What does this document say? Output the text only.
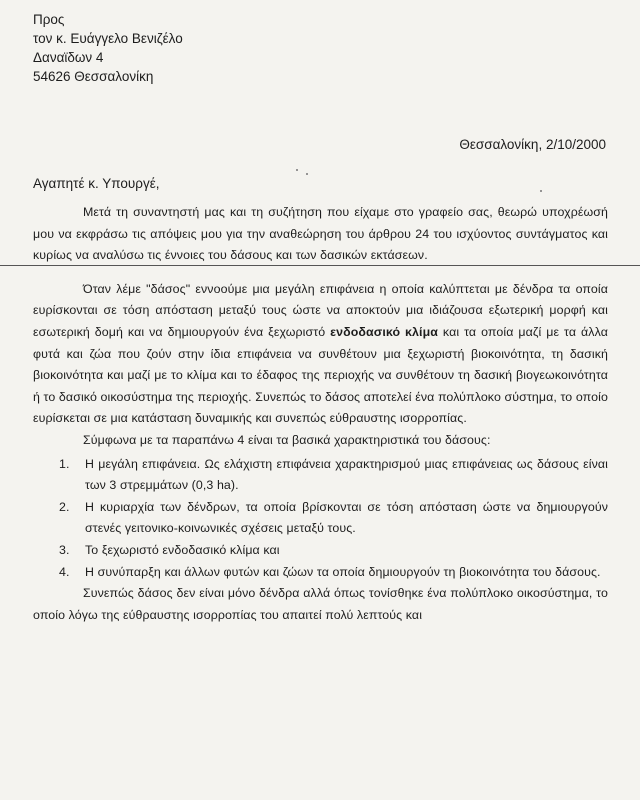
Προς
τον κ. Ευάγγελο Βενιζέλο
Δαναϊδων 4
54626 Θεσσαλονίκη
Θεσσαλονίκη, 2/10/2000
Αγαπητέ κ. Υπουργέ,

Μετά τη συναντηστή μας και τη συζήτηση που είχαμε στο γραφείο σας, θεωρώ υποχρέωσή μου να εκφράσω τις απόψεις μου για την αναθεώρηση του άρθρου 24 του ισχύοντος συντάγματος και κυρίως να αναλύσω τις έννοιες του δάσους και των δασικών εκτάσεων.

Όταν λέμε "δάσος" εννοούμε μια μεγάλη επιφάνεια η οποία καλύπτεται με δένδρα τα οποία ευρίσκονται σε τόση απόσταση μεταξύ τους ώστε να αποκτούν μια ιδιάζουσα εξωτερική μορφή και εσωτερική δομή και να δημιουργούν ένα ξεχωριστό ενδοδασικό κλίμα και τα οποία μαζί με τα άλλα φυτά και ζώα που ζούν στην ίδια επιφάνεια να συνθέτουν μια ξεχωριστή βιοκοινότητα, τη δασική βιοκοινότητα και μαζί με το κλίμα και το έδαφος της περιοχής να συνθέτουν τη δασική βιογεωκοινότητα ή το δασικό οικοσύστημα της περιοχής. Συνεπώς το δάσος αποτελεί ένα πολύπλοκο σύστημα, το οποίο ευρίσκεται σε μια κατάσταση δυναμικής και συνεπώς εύθραυστης ισορροπίας.

Σύμφωνα με τα παραπάνω 4 είναι τα βασικά χαρακτηριστικά του δάσους:

1. Η μεγάλη επιφάνεια. Ως ελάχιστη επιφάνεια χαρακτηρισμού μιας επιφάνειας ως δάσους είναι των 3 στρεμμάτων (0,3 ha).
2. Η κυριαρχία των δένδρων, τα οποία βρίσκονται σε τόση απόσταση ώστε να δημιουργούν στενές γειτονικο-κοινωνικές σχέσεις μεταξύ τους.
3. Το ξεχωριστό ενδοδασικό κλίμα και
4. Η συνύπαρξη και άλλων φυτών και ζώων τα οποία δημιουργούν τη βιοκοινότητα του δάσους.

Συνεπώς δάσος δεν είναι μόνο δένδρα αλλά όπως τονίσθηκε ένα πολύπλοκο οικοσύστημα, το οποίο λόγω της εύθραυστης ισορροπίας του απαιτεί πολύ λεπτούς και
